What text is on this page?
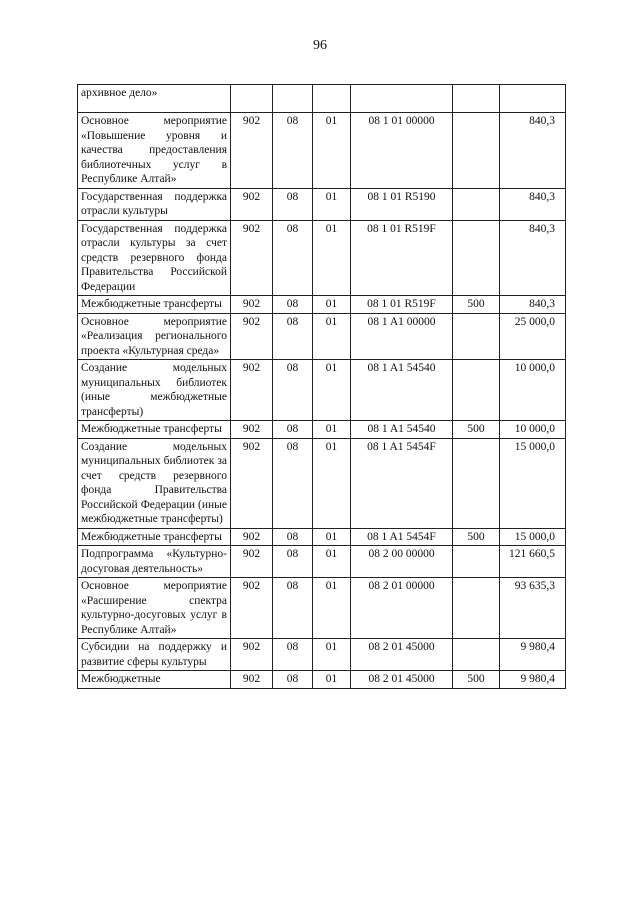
96
архивное дело»						
Основное мероприятие «Повышение уровня и качества предоставления библиотечных услуг в Республике Алтай»	902	08	01	08 1 01 00000		840,3
Государственная поддержка отрасли культуры	902	08	01	08 1 01 R5190		840,3
Государственная поддержка отрасли культуры за счет средств резервного фонда Правительства Российской Федерации	902	08	01	08 1 01 R519F		840,3
Межбюджетные трансферты	902	08	01	08 1 01 R519F	500	840,3
Основное мероприятие «Реализация регионального проекта «Культурная среда»	902	08	01	08 1 A1 00000		25 000,0
Создание модельных муниципальных библиотек (иные межбюджетные трансферты)	902	08	01	08 1 A1 54540		10 000,0
Межбюджетные трансферты	902	08	01	08 1 A1 54540	500	10 000,0
Создание модельных муниципальных библиотек за счет средств резервного фонда Правительства Российской Федерации (иные межбюджетные трансферты)	902	08	01	08 1 A1 5454F		15 000,0
Межбюджетные трансферты	902	08	01	08 1 A1 5454F	500	15 000,0
Подпрограмма «Культурно-досуговая деятельность»	902	08	01	08 2 00 00000		121 660,5
Основное мероприятие «Расширение спектра культурно-досуговых услуг в Республике Алтай»	902	08	01	08 2 01 00000		93 635,3
Субсидии на поддержку и развитие сферы культуры	902	08	01	08 2 01 45000		9 980,4
Межбюджетные	902	08	01	08 2 01 45000	500	9 980,4
